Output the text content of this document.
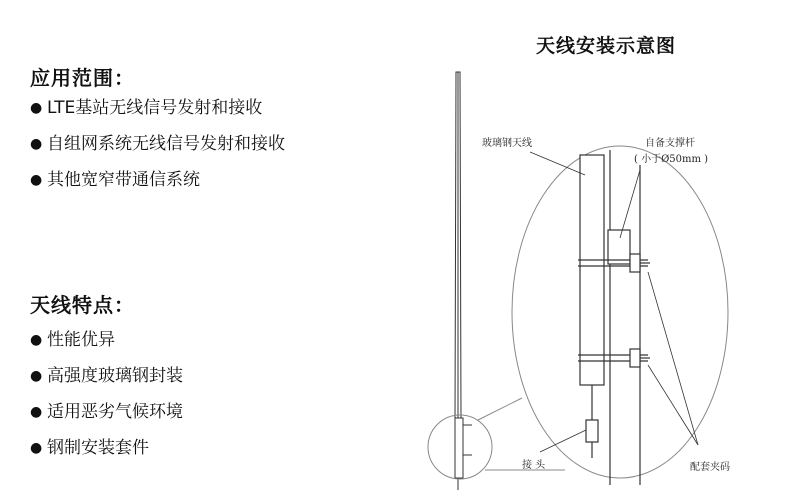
应用范围：
● LTE基站无线信号发射和接收
● 自组网系统无线信号发射和接收
● 其他宽窄带通信系统
天线特点：
● 性能优异
● 高强度玻璃钢封装
● 适用恶劣气候环境
● 钢制安装套件
天线安装示意图
玻璃钢天线	自备支撑杆
( 小于Ø50mm )
接 头	配套夹码
